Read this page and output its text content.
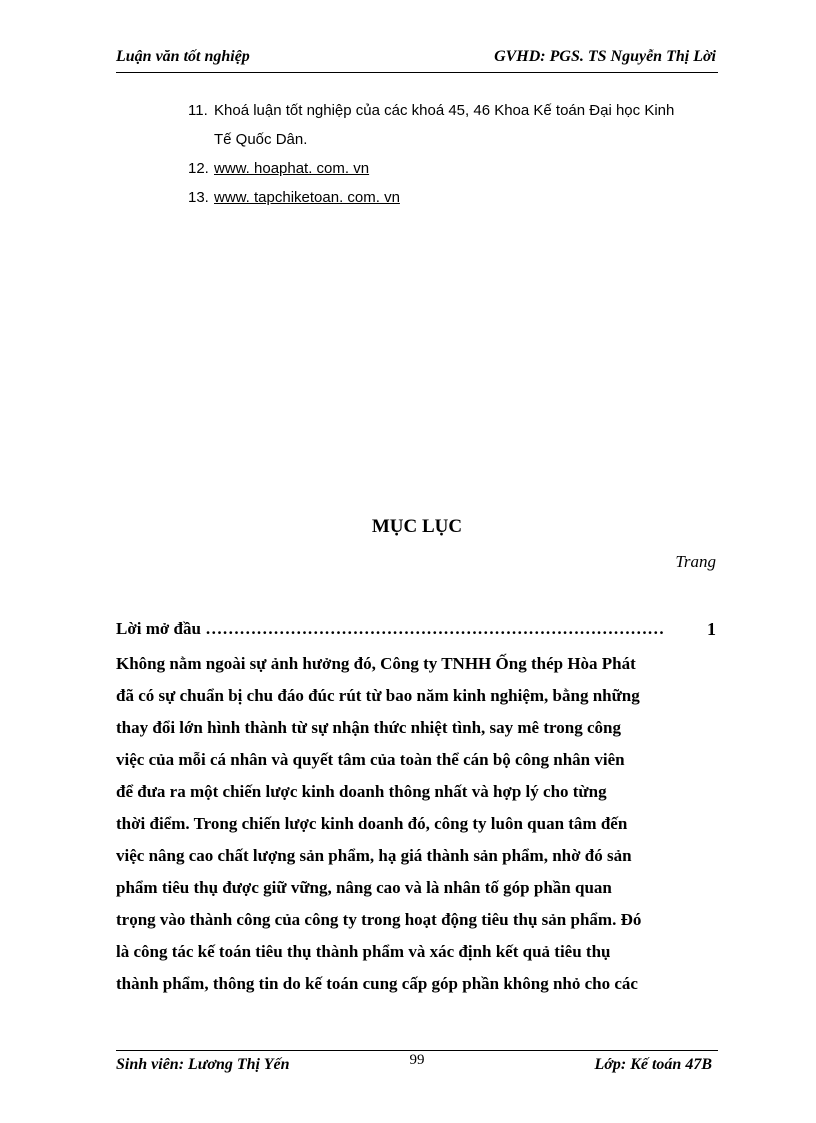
Luận văn tốt nghiệp	GVHD: PGS. TS Nguyễn Thị Lời
11. Khoá luận tốt nghiệp của các khoá 45, 46 Khoa Kế toán Đại học Kinh
Tế Quốc Dân.
12. www. hoaphat. com. vn
13. www. tapchiketoan. com. vn
MỤC LỤC
Trang
Lời mở đầu ……………………………………………………………………… 1
Không nằm ngoài sự ảnh hưởng đó, Công ty TNHH Ống thép Hòa Phát
đã có sự chuẩn bị chu đáo đúc rút từ bao năm kinh nghiệm, bằng những
thay đổi lớn hình thành từ sự nhận thức nhiệt tình, say mê trong công
việc của mỗi cá nhân và quyết tâm của toàn thể cán bộ công nhân viên
để đưa ra một chiến lược kinh doanh thông nhất và hợp lý cho từng
thời điểm. Trong chiến lược kinh doanh đó, công ty luôn quan tâm đến
việc nâng cao chất lượng sản phẩm, hạ giá thành sản phẩm, nhờ đó sản
phẩm tiêu thụ được giữ vững, nâng cao và là nhân tố góp phần quan
trọng vào thành công của công ty trong hoạt động tiêu thụ sản phẩm. Đó
là công tác kế toán tiêu thụ thành phẩm và xác định kết quả tiêu thụ
thành phẩm, thông tin do kế toán cung cấp góp phần không nhỏ cho các
Sinh viên: Lương Thị Yến	99	Lớp: Kế toán 47B
